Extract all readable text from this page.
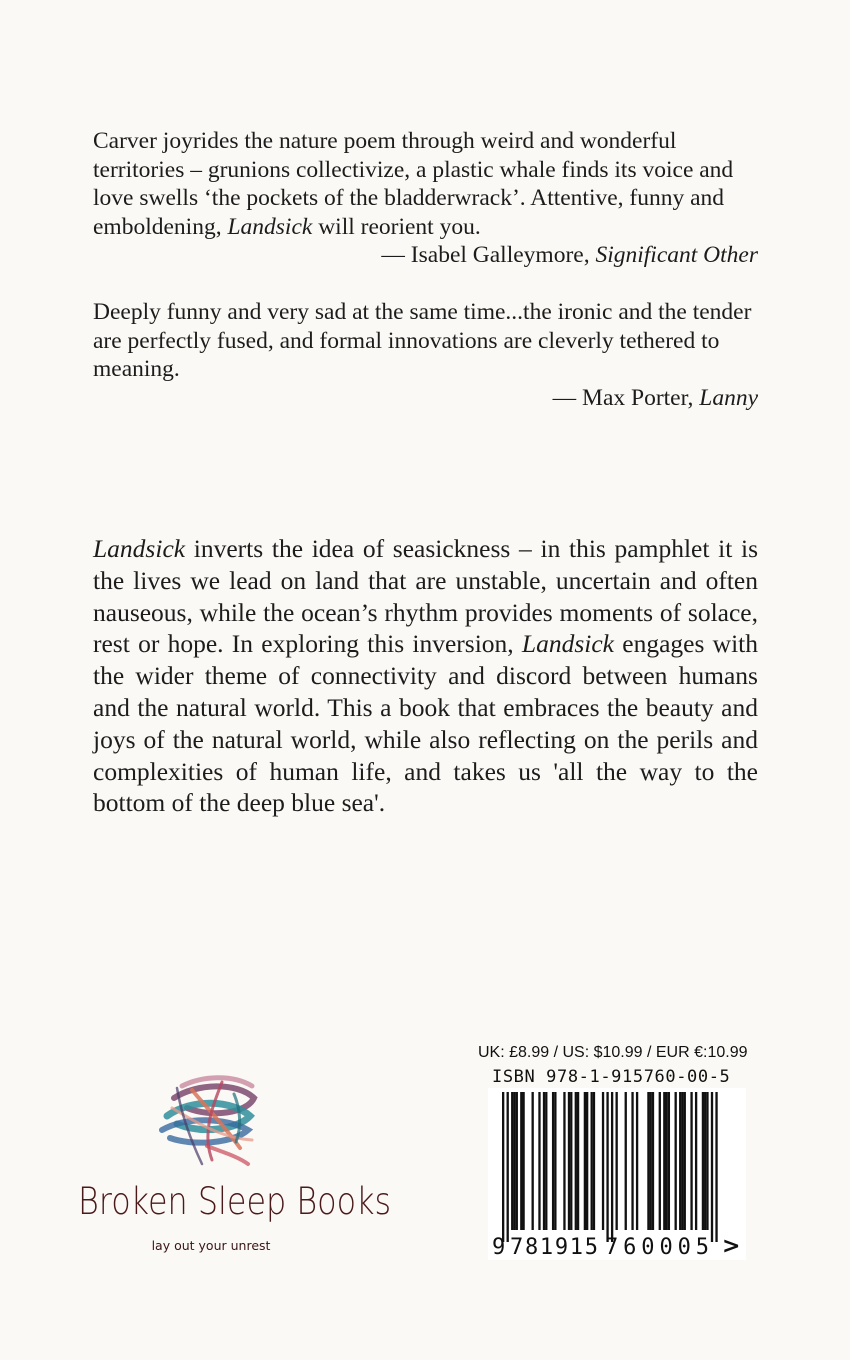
Carver joyrides the nature poem through weird and wonderful territories – grunions collectivize, a plastic whale finds its voice and love swells ‘the pockets of the bladderwrack’. Attentive, funny and emboldening, Landsick will reorient you.
— Isabel Galleymore, Significant Other

Deeply funny and very sad at the same time...the ironic and the tender are perfectly fused, and formal innovations are cleverly tethered to meaning.
— Max Porter, Lanny

Landsick inverts the idea of seasickness – in this pamphlet it is the lives we lead on land that are unstable, uncertain and often nauseous, while the ocean’s rhythm provides moments of solace, rest or hope. In exploring this inversion, Landsick engages with the wider theme of connectivity and discord between humans and the natural world. This a book that embraces the beauty and joys of the natural world, while also reflecting on the perils and complexities of human life, and takes us 'all the way to the bottom of the deep blue sea'.

Broken Sleep Books
lay out your unrest
UK: £8.99 / US: $10.99 / EUR €:10.99
ISBN 978-1-915760-00-5
9 781915 760005 >
